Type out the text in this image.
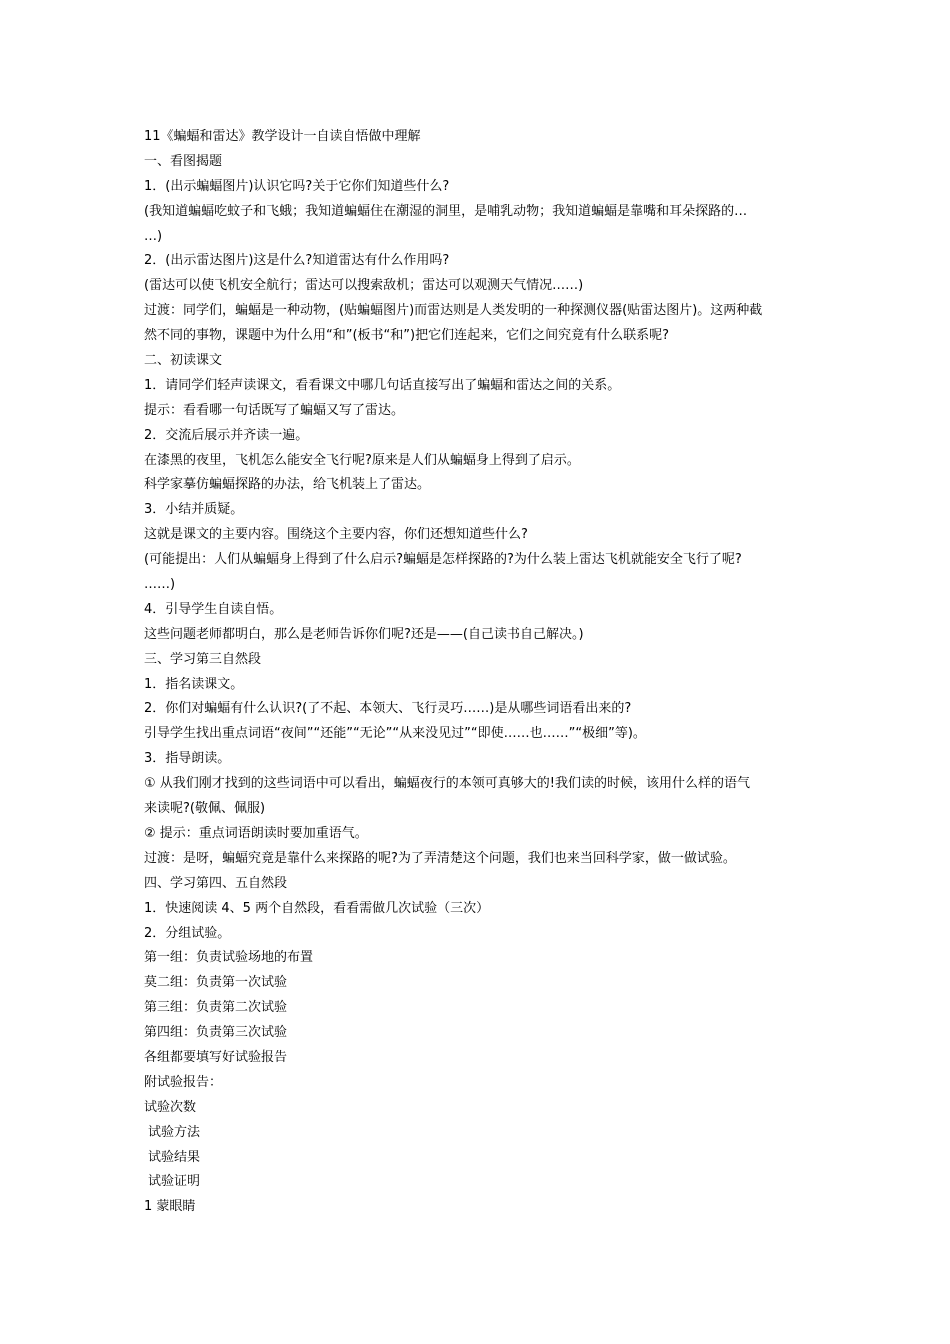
11《蝙蝠和雷达》教学设计一自读自悟做中理解
一、看图揭题
1．(出示蝙蝠图片)认识它吗?关于它你们知道些什么?
(我知道蝙蝠吃蚊子和飞蛾；我知道蝙蝠住在潮湿的洞里，是哺乳动物；我知道蝙蝠是靠嘴和耳朵探路的…
…)
2．(出示雷达图片)这是什么?知道雷达有什么作用吗?
(雷达可以使飞机安全航行；雷达可以搜索敌机；雷达可以观测天气情况……)
过渡：同学们，蝙蝠是一种动物，(贴蝙蝠图片)而雷达则是人类发明的一种探测仪器(贴雷达图片)。这两种截
然不同的事物，课题中为什么用“和”(板书“和”)把它们连起来，它们之间究竟有什么联系呢?
二、初读课文
1．请同学们轻声读课文，看看课文中哪几句话直接写出了蝙蝠和雷达之间的关系。
提示：看看哪一句话既写了蝙蝠又写了雷达。
2．交流后展示并齐读一遍。
在漆黑的夜里，飞机怎么能安全飞行呢?原来是人们从蝙蝠身上得到了启示。
科学家摹仿蝙蝠探路的办法，给飞机装上了雷达。
3．小结并质疑。
这就是课文的主要内容。围绕这个主要内容，你们还想知道些什么?
(可能提出：人们从蝙蝠身上得到了什么启示?蝙蝠是怎样探路的?为什么装上雷达飞机就能安全飞行了呢?
……)
4．引导学生自读自悟。
这些问题老师都明白，那么是老师告诉你们呢?还是——(自己读书自己解决。)
三、学习第三自然段
1．指名读课文。
2．你们对蝙蝠有什么认识?(了不起、本领大、飞行灵巧……)是从哪些词语看出来的?
引导学生找出重点词语“夜间”“还能”“无论”“从来没见过”“即使……也……”“极细”等)。
3．指导朗读。
① 从我们刚才找到的这些词语中可以看出，蝙蝠夜行的本领可真够大的!我们读的时候，该用什么样的语气
来读呢?(敬佩、佩服)
② 提示：重点词语朗读时要加重语气。
过渡：是呀，蝙蝠究竟是靠什么来探路的呢?为了弄清楚这个问题，我们也来当回科学家，做一做试验。
四、学习第四、五自然段
1．快速阅读 4、5 两个自然段，看看需做几次试验（三次）
2．分组试验。
第一组：负责试验场地的布置
莫二组：负责第一次试验
第三组：负责第二次试验
第四组：负责第三次试验
各组都要填写好试验报告
附试验报告：
试验次数
试验方法
试验结果
试验证明
1 蒙眼睛
